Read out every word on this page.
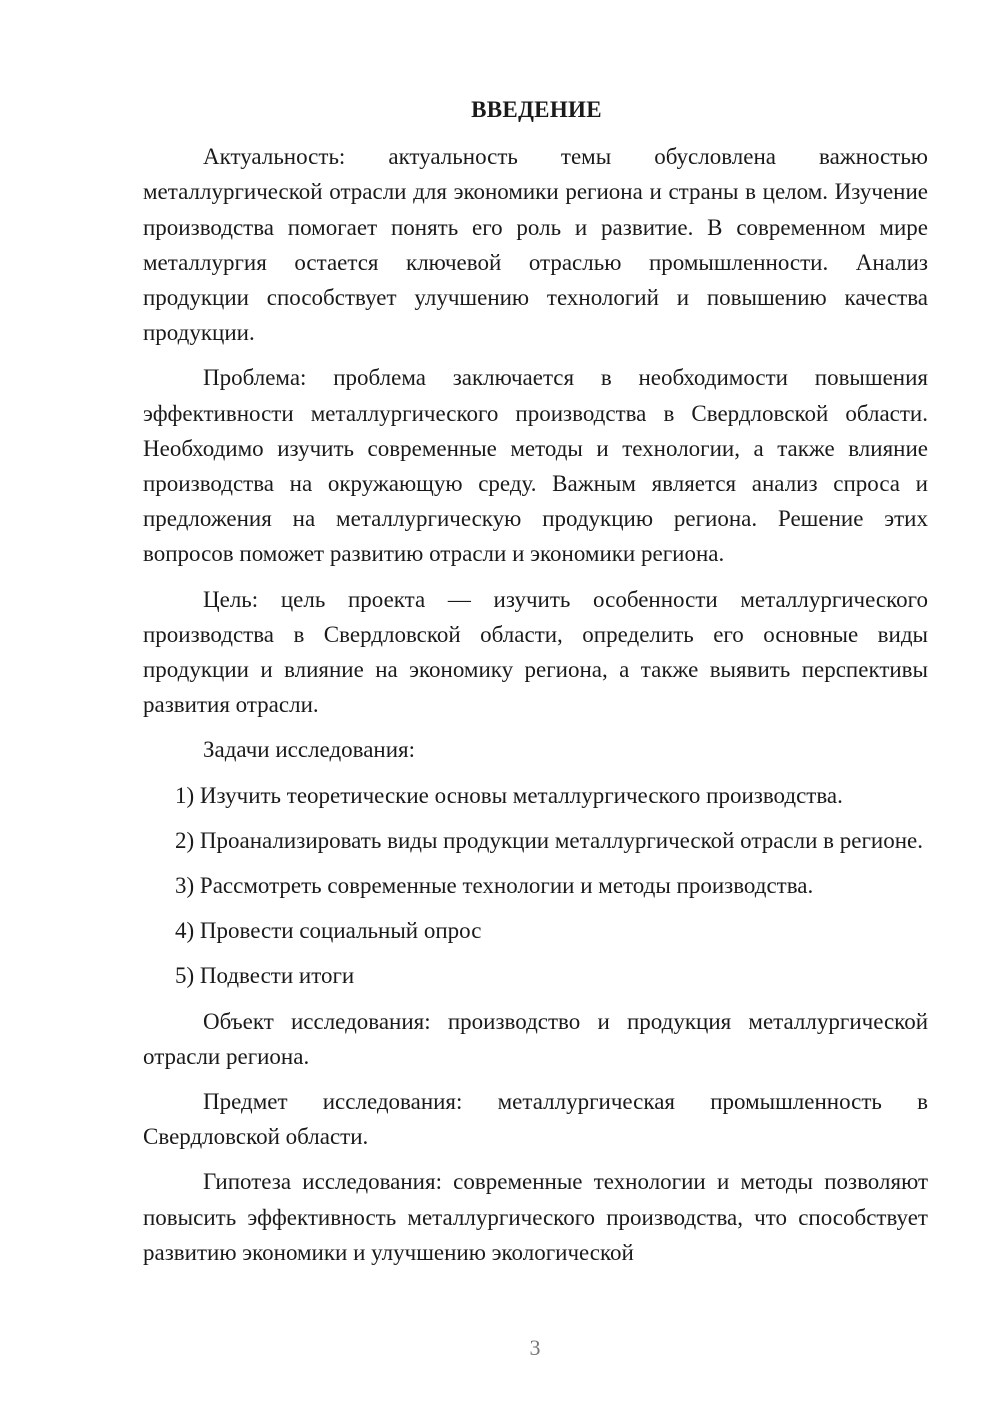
ВВЕДЕНИЕ

Актуальность: актуальность темы обусловлена важностью металлургической отрасли для экономики региона и страны в целом. Изучение производства помогает понять его роль и развитие. В современном мире металлургия остается ключевой отраслью промышленности. Анализ продукции способствует улучшению технологий и повышению качества продукции.

Проблема: проблема заключается в необходимости повышения эффективности металлургического производства в Свердловской области. Необходимо изучить современные методы и технологии, а также влияние производства на окружающую среду. Важным является анализ спроса и предложения на металлургическую продукцию региона. Решение этих вопросов поможет развитию отрасли и экономики региона.

Цель: цель проекта — изучить особенности металлургического производства в Свердловской области, определить его основные виды продукции и влияние на экономику региона, а также выявить перспективы развития отрасли.

Задачи исследования:

1) Изучить теоретические основы металлургического производства.

2) Проанализировать виды продукции металлургической отрасли в регионе.

3) Рассмотреть современные технологии и методы производства.

4) Провести социальный опрос

5) Подвести итоги

Объект исследования: производство и продукция металлургической отрасли региона.

Предмет исследования: металлургическая промышленность в Свердловской области.

Гипотеза исследования: современные технологии и методы позволяют повысить эффективность металлургического производства, что способствует развитию экономики и улучшению экологической

3
